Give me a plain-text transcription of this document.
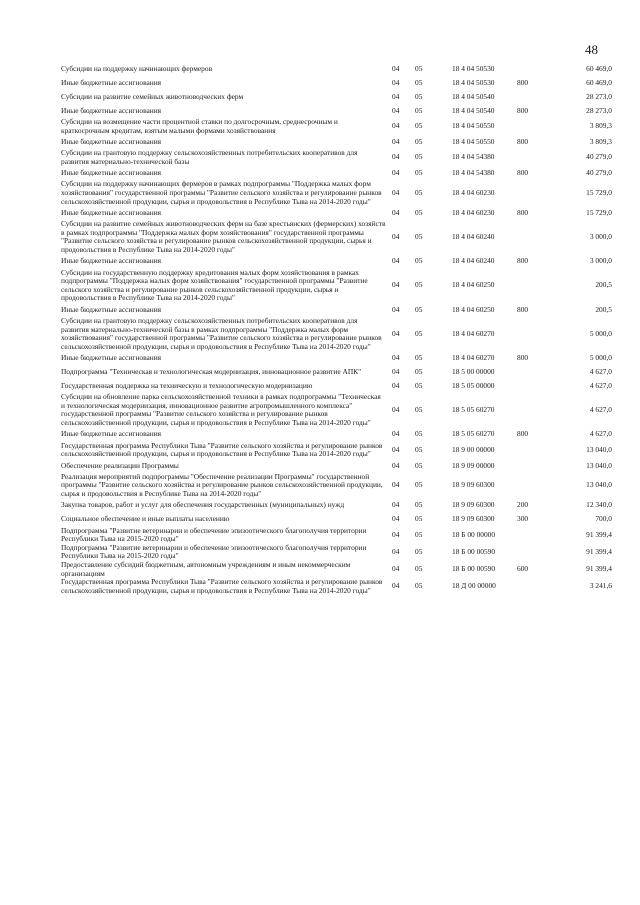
48
Субсидии на поддержку начинающих фермеров	04	05	18 4 04 50530		60 469,0
Иные бюджетные ассигнования	04	05	18 4 04 50530	800	60 469,0
Субсидии на развитие семейных животноводческих ферм	04	05	18 4 04 50540		28 273,0
Иные бюджетные ассигнования	04	05	18 4 04 50540	800	28 273,0
Субсидии на возмещение части процентной ставки по долгосрочным, среднесрочным и краткосрочным кредитам, взятым малыми формами хозяйствования	04	05	18 4 04 50550		3 809,3
Иные бюджетные ассигнования	04	05	18 4 04 50550	800	3 809,3
Субсидии на грантовую поддержку сельскохозяйственных потребительских кооперативов для развития материально-технической базы	04	05	18 4 04 54380		40 279,0
Иные бюджетные ассигнования	04	05	18 4 04 54380	800	40 279,0
Субсидии на поддержку начинающих фермеров в рамках подпрограммы "Поддержка малых форм хозяйствования" государственной программы "Развитие сельского хозяйства и регулирование рынков сельскохозяйственной продукции, сырья и продовольствия в Республике Тыва на 2014-2020 годы"	04	05	18 4 04 60230		15 729,0
Иные бюджетные ассигнования	04	05	18 4 04 60230	800	15 729,0
Субсидии на развитие семейных животноводческих ферм на базе крестьянских (фермерских) хозяйств в рамках подпрограммы "Поддержка малых форм хозяйствования" государственной программы "Развитие сельского хозяйства и регулирование рынков сельскохозяйственной продукции, сырья и продовольствия в Республике Тыва на 2014-2020 годы"	04	05	18 4 04 60240		3 000,0
Иные бюджетные ассигнования	04	05	18 4 04 60240	800	3 000,0
Субсидии на государственную поддержку кредитования малых форм хозяйствования в рамках подпрограммы "Поддержка малых форм хозяйствования" государственной программы "Развитие сельского хозяйства и регулирование рынков сельскохозяйственной продукции, сырья и продовольствия в Республике Тыва на 2014-2020 годы"	04	05	18 4 04 60250		200,5
Иные бюджетные ассигнования	04	05	18 4 04 60250	800	200,5
Субсидии на грантовую поддержку сельскохозяйственных потребительских кооперативов для развития материально-технической базы в рамках подпрограммы "Поддержка малых форм хозяйствования" государственной программы "Развитие сельского хозяйства и регулирование рынков сельскохозяйственной продукции, сырья и продовольствия в Республике Тыва на 2014-2020 годы"	04	05	18 4 04 60270		5 000,0
Иные бюджетные ассигнования	04	05	18 4 04 60270	800	5 000,0
Подпрограмма "Техническая и технологическая модернизация, инновационное развитие АПК"	04	05	18 5 00 00000		4 627,0
Государственная поддержка на техническую и технологическую модернизацию	04	05	18 5 05 00000		4 627,0
Субсидии на обновление парка сельскохозяйственной техники в рамках подпрограммы "Техническая и технологическая модернизация, инновационное развитие агропромышленного комплекса" государственной программы "Развитие сельского хозяйства и регулирование рынков сельскохозяйственной продукции, сырья и продовольствия в Республике Тыва на 2014-2020 годы"	04	05	18 5 05 60270		4 627,0
Иные бюджетные ассигнования	04	05	18 5 05 60270	800	4 627,0
Государственная программа Республики Тыва "Развитие сельского хозяйства и регулирование рынков сельскохозяйственной продукции, сырья и продовольствия в Республике Тыва на 2014-2020 годы"	04	05	18 9 00 00000		13 040,0
Обеспечение реализации Программы	04	05	18 9 09 00000		13 040,0
Реализация мероприятий подпрограммы "Обеспечение реализации Программы" государственной программы "Развитие сельского хозяйства и регулирование рынков сельскохозяйственной продукции, сырья и продовольствия в Республике Тыва на 2014-2020 годы"	04	05	18 9 09 60300		13 040,0
Закупка товаров, работ и услуг для обеспечения государственных (муниципальных) нужд	04	05	18 9 09 60300	200	12 340,0
Социальное обеспечение и иные выплаты населению	04	05	18 9 09 60300	300	700,0
Подпрограмма "Развитие ветеринарии и обеспечение эпизоотического благополучия территории Республики Тыва на 2015-2020 годы"	04	05	18 Б 00 00000		91 399,4
Подпрограмма "Развитие ветеринарии и обеспечение эпизоотического благополучия территории Республики Тыва на 2015-2020 годы"	04	05	18 Б 00 00590		91 399,4
Предоставление субсидий бюджетным, автономным учреждениям и иным некоммерческим организациям	04	05	18 Б 00 00590	600	91 399,4
Государственная программа Республики Тыва "Развитие сельского хозяйства и регулирование рынков сельскохозяйственной продукции, сырья и продовольствия в Республике Тыва на 2014-2020 годы"	04	05	18 Д 00 00000		3 241,6
